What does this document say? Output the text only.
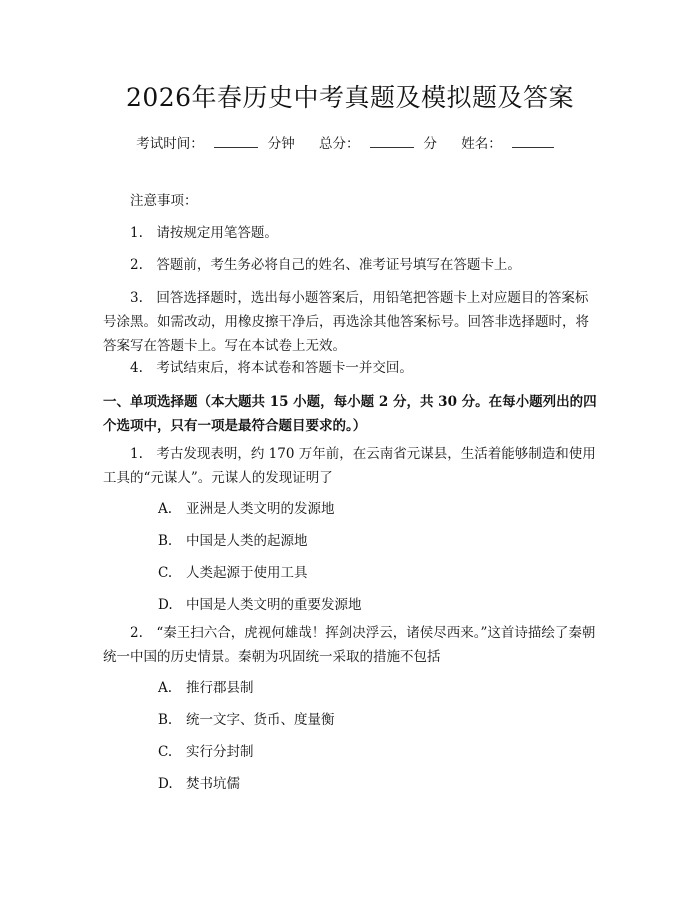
2026年春历史中考真题及模拟题及答案
考试时间：	分钟 总分：	分 姓名：
注意事项：
1.　请按规定用笔答题。
2.　答题前，考生务必将自己的姓名、准考证号填写在答题卡上。
3.　回答选择题时，选出每小题答案后，用铅笔把答题卡上对应题目的答案标号涂黑。如需改动，用橡皮擦干净后，再选涂其他答案标号。回答非选择题时，将答案写在答题卡上。写在本试卷上无效。
4.　考试结束后，将本试卷和答题卡一并交回。
一、单项选择题（本大题共 15 小题，每小题 2 分，共 30 分。在每小题列出的四个选项中，只有一项是最符合题目要求的。）
1.　考古发现表明，约 170 万年前，在云南省元谋县，生活着能够制造和使用工具的“元谋人”。元谋人的发现证明了
A. 亚洲是人类文明的发源地
B. 中国是人类的起源地
C. 人类起源于使用工具
D. 中国是人类文明的重要发源地
2.　“秦王扫六合，虎视何雄哉！挥剑决浮云，诸侯尽西来。”这首诗描绘了秦朝统一中国的历史情景。秦朝为巩固统一采取的措施不包括
A. 推行郡县制
B. 统一文字、货币、度量衡
C. 实行分封制
D. 焚书坑儒
